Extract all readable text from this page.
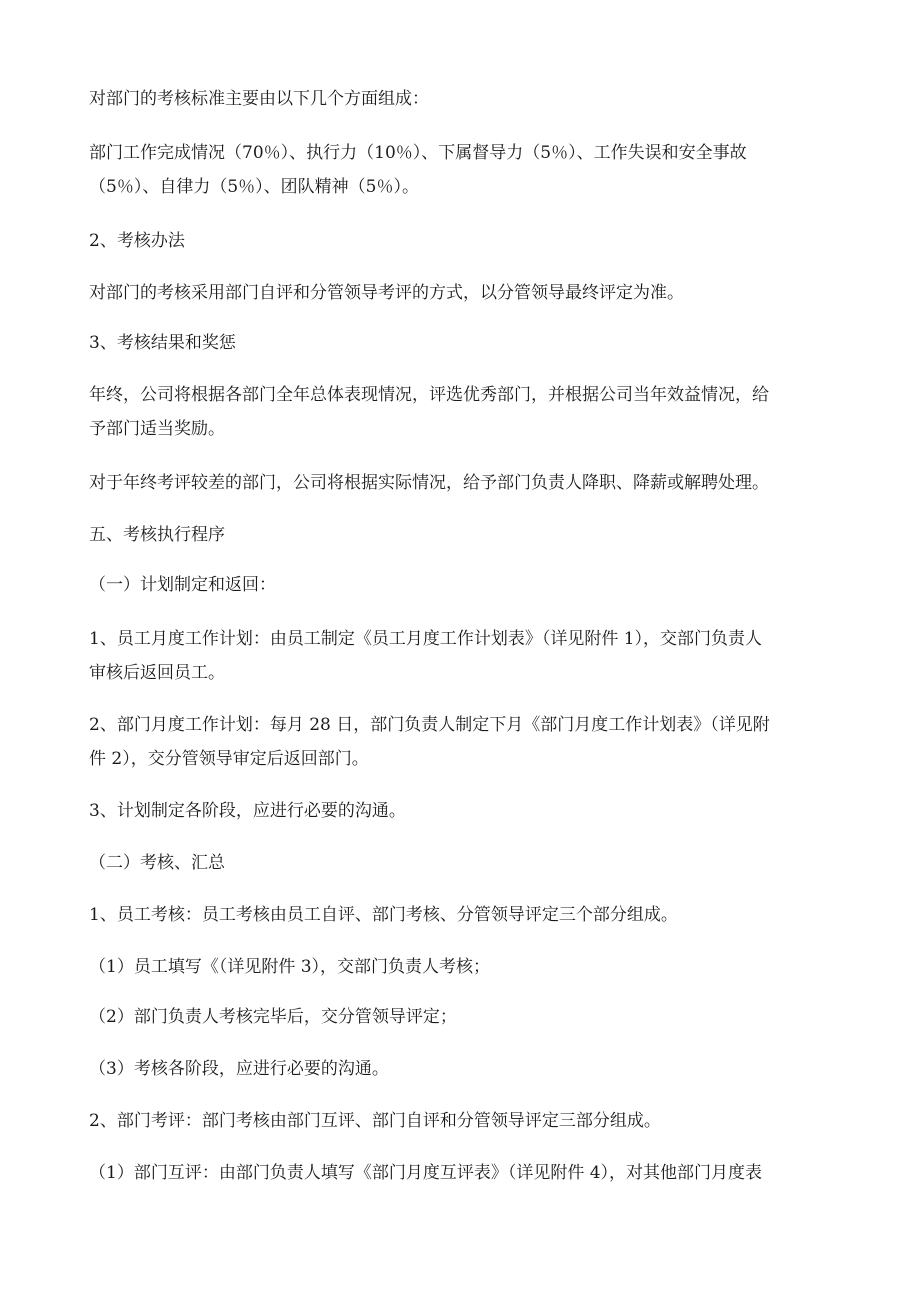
对部门的考核标准主要由以下几个方面组成：

部门工作完成情况（70％）、执行力（10％）、下属督导力（5％）、工作失误和安全事故
（5％）、自律力（5％）、团队精神（5％）。

2、考核办法

对部门的考核采用部门自评和分管领导考评的方式，以分管领导最终评定为准。

3、考核结果和奖惩

年终，公司将根据各部门全年总体表现情况，评选优秀部门，并根据公司当年效益情况，给
予部门适当奖励。

对于年终考评较差的部门，公司将根据实际情况，给予部门负责人降职、降薪或解聘处理。

五、考核执行程序

（一）计划制定和返回：

1、员工月度工作计划：由员工制定《员工月度工作计划表》（详见附件 1），交部门负责人
审核后返回员工。

2、部门月度工作计划：每月 28 日，部门负责人制定下月《部门月度工作计划表》（详见附
件 2），交分管领导审定后返回部门。

3、计划制定各阶段，应进行必要的沟通。

（二）考核、汇总

1、员工考核：员工考核由员工自评、部门考核、分管领导评定三个部分组成。

（1）员工填写《（详见附件 3），交部门负责人考核；

（2）部门负责人考核完毕后，交分管领导评定；

（3）考核各阶段，应进行必要的沟通。

2、部门考评：部门考核由部门互评、部门自评和分管领导评定三部分组成。

（1）部门互评：由部门负责人填写《部门月度互评表》（详见附件 4），对其他部门月度表
